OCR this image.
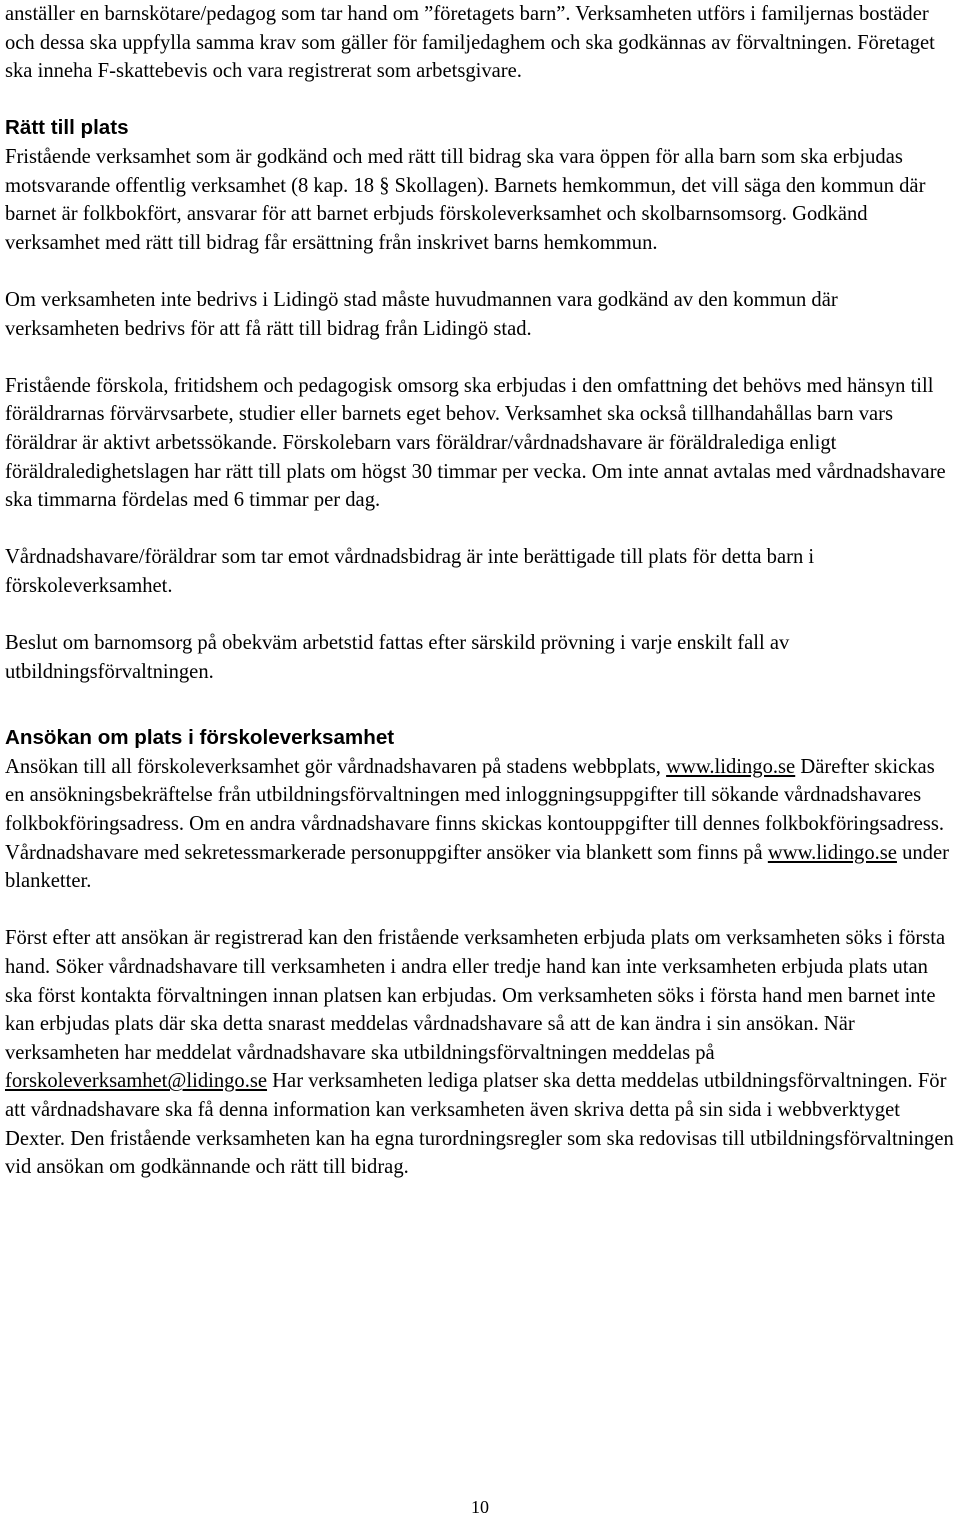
anställer en barnskötare/pedagog som tar hand om ”företagets barn”. Verksamheten utförs i familjernas bostäder och dessa ska uppfylla samma krav som gäller för familjedaghem och ska godkännas av förvaltningen. Företaget ska inneha F-skattebevis och vara registrerat som arbetsgivare.

Rätt till plats

Fristående verksamhet som är godkänd och med rätt till bidrag ska vara öppen för alla barn som ska erbjudas motsvarande offentlig verksamhet (8 kap. 18 § Skollagen). Barnets hemkommun, det vill säga den kommun där barnet är folkbokfört, ansvarar för att barnet erbjuds förskoleverksamhet och skolbarnsomsorg. Godkänd verksamhet med rätt till bidrag får ersättning från inskrivet barns hemkommun.

Om verksamheten inte bedrivs i Lidingö stad måste huvudmannen vara godkänd av den kommun där verksamheten bedrivs för att få rätt till bidrag från Lidingö stad.

Fristående förskola, fritidshem och pedagogisk omsorg ska erbjudas i den omfattning det behövs med hänsyn till föräldrarnas förvärvsarbete, studier eller barnets eget behov. Verksamhet ska också tillhandahållas barn vars föräldrar är aktivt arbetssökande. Förskolebarn vars föräldrar/vårdnadshavare är föräldralediga enligt föräldraledighetslagen har rätt till plats om högst 30 timmar per vecka. Om inte annat avtalas med vårdnadshavare ska timmarna fördelas med 6 timmar per dag.

Vårdnadshavare/föräldrar som tar emot vårdnadsbidrag är inte berättigade till plats för detta barn i förskoleverksamhet.

Beslut om barnomsorg på obekväm arbetstid fattas efter särskild prövning i varje enskilt fall av utbildningsförvaltningen.

Ansökan om plats i förskoleverksamhet

Ansökan till all förskoleverksamhet gör vårdnadshavaren på stadens webbplats, www.lidingo.se Därefter skickas en ansökningsbekräftelse från utbildningsförvaltningen med inloggningsuppgifter till sökande vårdnadshavares folkbokföringsadress. Om en andra vårdnadshavare finns skickas kontouppgifter till dennes folkbokföringsadress. Vårdnadshavare med sekretessmarkerade personuppgifter ansöker via blankett som finns på www.lidingo.se under blanketter.

Först efter att ansökan är registrerad kan den fristående verksamheten erbjuda plats om verksamheten söks i första hand. Söker vårdnadshavare till verksamheten i andra eller tredje hand kan inte verksamheten erbjuda plats utan ska först kontakta förvaltningen innan platsen kan erbjudas. Om verksamheten söks i första hand men barnet inte kan erbjudas plats där ska detta snarast meddelas vårdnadshavare så att de kan ändra i sin ansökan. När verksamheten har meddelat vårdnadshavare ska utbildningsförvaltningen meddelas på forskoleverksamhet@lidingo.se Har verksamheten lediga platser ska detta meddelas utbildningsförvaltningen. För att vårdnadshavare ska få denna information kan verksamheten även skriva detta på sin sida i webbverktyget Dexter. Den fristående verksamheten kan ha egna turordningsregler som ska redovisas till utbildningsförvaltningen vid ansökan om godkännande och rätt till bidrag.

10
